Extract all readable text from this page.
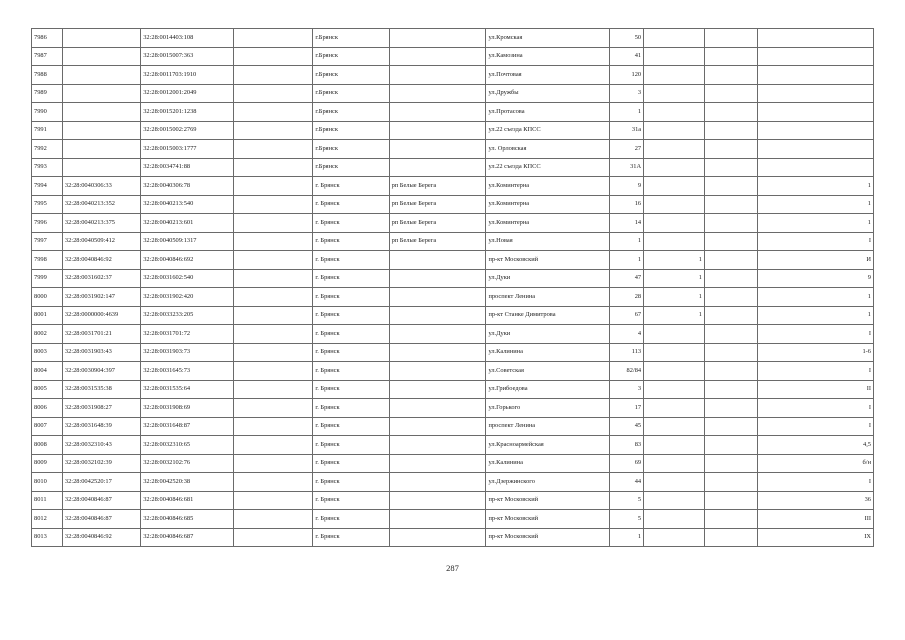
7986		32:28:0014403:108		г.Брянск		ул.Кромская	50			
7987		32:28:0015007:363		г.Брянск		ул.Камозина	41			
7988		32:28:0011703:1910		г.Брянск		ул.Почтовая	120			
7989		32:28:0012001:2049		г.Брянск		ул.Дружбы	3			
7990		32:28:0015201:1238		г.Брянск		ул.Протасова	1			
7991		32:28:0015002:2769		г.Брянск		ул.22 съезда КПСС	31а			
7992		32:28:0015003:1777		г.Брянск		ул. Орловская	27			
7993		32:28:0034741:88		г.Брянск		ул.22 съезда КПСС	31А			
7994	32:28:0040306:33	32:28:0040306:78		г. Брянск	рп Белые Берега	ул.Коминтерна	9			1
7995	32:28:0040213:352	32:28:0040213:540		г. Брянск	рп Белые Берега	ул.Коминтерна	16			1
7996	32:28:0040213:375	32:28:0040213:601		г. Брянск	рп Белые Берега	ул.Коминтерна	14			1
7997	32:28:0040509:412	32:28:0040509:1317		г. Брянск	рп Белые Берега	ул.Новая	1			I
7998	32:28:0040846:92	32:28:0040846:692		г. Брянск		пр-кт Московский	1	1		И
7999	32:28:0031602:37	32:28:0031602:540		г. Брянск		ул.Дуки	47	1		9
8000	32:28:0031902:147	32:28:0031902:420		г. Брянск		проспект Ленина	28	1		1
8001	32:28:0000000:4639	32:28:0033233:205		г. Брянск		пр-кт Станке Димитрова	67	1		1
8002	32:28:0031701:21	32:28:0031701:72		г. Брянск		ул.Дуки	4			I
8003	32:28:0031903:43	32:28:0031903:73		г. Брянск		ул.Калинина	113			1-6
8004	32:28:0030904:397	32:28:0031645:73		г. Брянск		ул.Советская	82/84			I
8005	32:28:0031535:38	32:28:0031535:64		г. Брянск		ул.Грибоедова	3			II
8006	32:28:0031908:27	32:28:0031908:69		г. Брянск		ул.Горького	17			I
8007	32:28:0031648:39	32:28:0031648:87		г. Брянск		проспект Ленина	45			I
8008	32:28:0032310:43	32:28:0032310:65		г. Брянск		ул.Красноармейская	83			4,5
8009	32:28:0032102:39	32:28:0032102:76		г. Брянск		ул.Калинина	69			б/н
8010	32:28:0042520:17	32:28:0042520:38		г. Брянск		ул.Дзержинского	44			I
8011	32:28:0040846:87	32:28:0040846:681		г. Брянск		пр-кт Московский	5			36
8012	32:28:0040846:87	32:28:0040846:685		г. Брянск		пр-кт Московский	5			III
8013	32:28:0040846:92	32:28:0040846:687		г. Брянск		пр-кт Московский	1			IX
287
